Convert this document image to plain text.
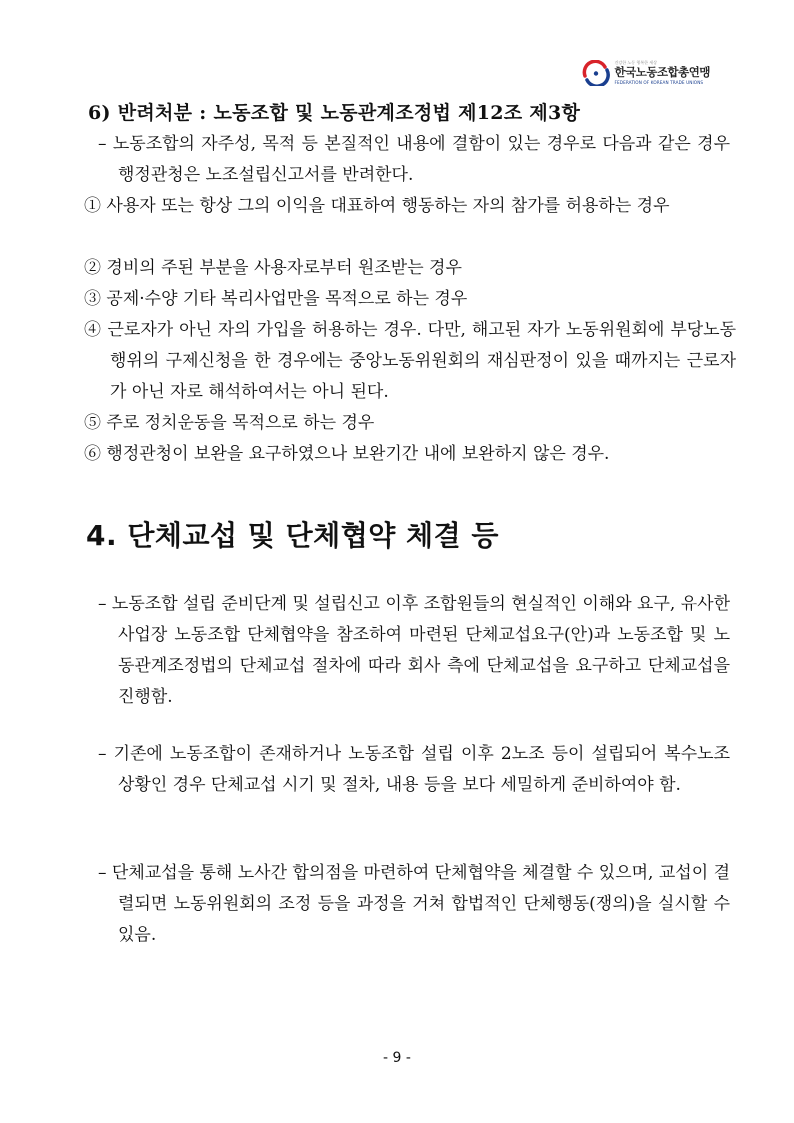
건강한 노동 행복한 세상
한국노동조합총연맹
FEDERATION OF KOREAN TRADE UNIONS
6) 반려처분 : 노동조합 및 노동관계조정법 제12조 제3항

– 노동조합의 자주성, 목적 등 본질적인 내용에 결함이 있는 경우로 다음과 같은 경우 행정관청은 노조설립신고서를 반려한다.

① 사용자 또는 항상 그의 이익을 대표하여 행동하는 자의 참가를 허용하는 경우

② 경비의 주된 부분을 사용자로부터 원조받는 경우

③ 공제·수양 기타 복리사업만을 목적으로 하는 경우

④ 근로자가 아닌 자의 가입을 허용하는 경우. 다만, 해고된 자가 노동위원회에 부당노동행위의 구제신청을 한 경우에는 중앙노동위원회의 재심판정이 있을 때까지는 근로자가 아닌 자로 해석하여서는 아니 된다.

⑤ 주로 정치운동을 목적으로 하는 경우

⑥ 행정관청이 보완을 요구하였으나 보완기간 내에 보완하지 않은 경우.

4. 단체교섭 및 단체협약 체결 등

– 노동조합 설립 준비단계 및 설립신고 이후 조합원들의 현실적인 이해와 요구, 유사한 사업장 노동조합 단체협약을 참조하여 마련된 단체교섭요구(안)과 노동조합 및 노동관계조정법의 단체교섭 절차에 따라 회사 측에 단체교섭을 요구하고 단체교섭을 진행함.

– 기존에 노동조합이 존재하거나 노동조합 설립 이후 2노조 등이 설립되어 복수노조 상황인 경우 단체교섭 시기 및 절차, 내용 등을 보다 세밀하게 준비하여야 함.

– 단체교섭을 통해 노사간 합의점을 마련하여 단체협약을 체결할 수 있으며, 교섭이 결렬되면 노동위원회의 조정 등을 과정을 거쳐 합법적인 단체행동(쟁의)을 실시할 수 있음.

- 9 -
